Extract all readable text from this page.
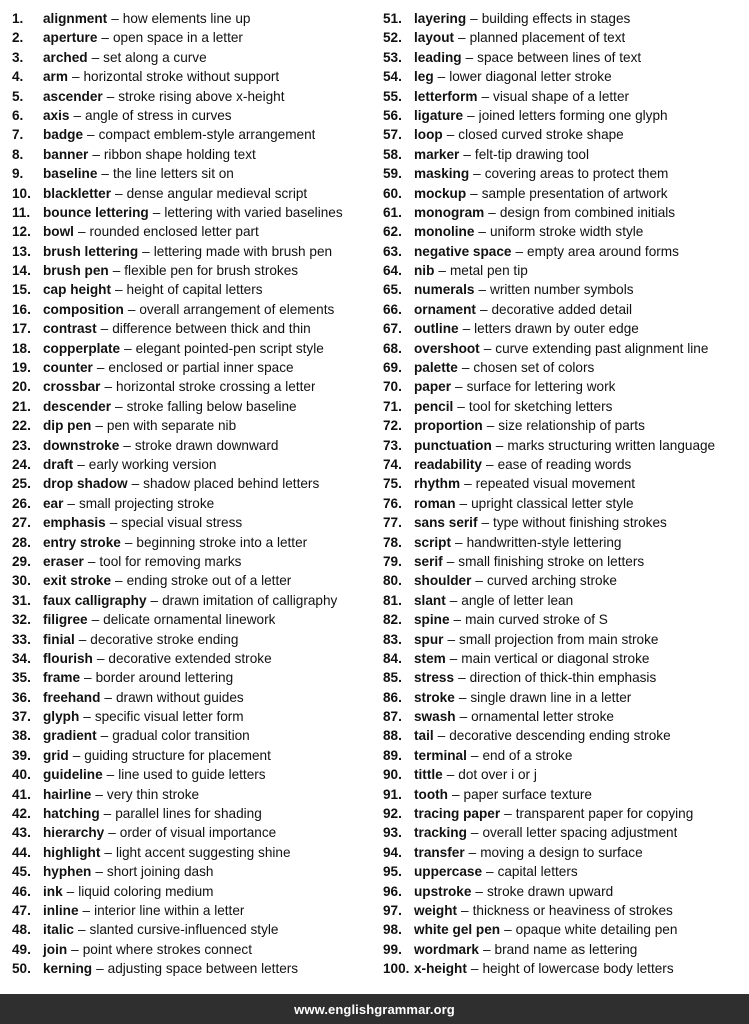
1.	alignment – how elements line up
2.	aperture – open space in a letter
3.	arched – set along a curve
4.	arm – horizontal stroke without support
5.	ascender – stroke rising above x-height
6.	axis – angle of stress in curves
7.	badge – compact emblem-style arrangement
8.	banner – ribbon shape holding text
9.	baseline – the line letters sit on
10. blackletter – dense angular medieval script
11. bounce lettering – lettering with varied baselines
12. bowl – rounded enclosed letter part
13. brush lettering – lettering made with brush pen
14. brush pen – flexible pen for brush strokes
15. cap height – height of capital letters
16. composition – overall arrangement of elements
17. contrast – difference between thick and thin
18. copperplate – elegant pointed-pen script style
19. counter – enclosed or partial inner space
20. crossbar – horizontal stroke crossing a letter
21. descender – stroke falling below baseline
22. dip pen – pen with separate nib
23. downstroke – stroke drawn downward
24. draft – early working version
25. drop shadow – shadow placed behind letters
26. ear – small projecting stroke
27. emphasis – special visual stress
28. entry stroke – beginning stroke into a letter
29. eraser – tool for removing marks
30. exit stroke – ending stroke out of a letter
31. faux calligraphy – drawn imitation of calligraphy
32. filigree – delicate ornamental linework
33. finial – decorative stroke ending
34. flourish – decorative extended stroke
35. frame – border around lettering
36. freehand – drawn without guides
37. glyph – specific visual letter form
38. gradient – gradual color transition
39. grid – guiding structure for placement
40. guideline – line used to guide letters
41. hairline – very thin stroke
42. hatching – parallel lines for shading
43. hierarchy – order of visual importance
44. highlight – light accent suggesting shine
45. hyphen – short joining dash
46. ink – liquid coloring medium
47. inline – interior line within a letter
48. italic – slanted cursive-influenced style
49. join – point where strokes connect
50. kerning – adjusting space between letters
51. layering – building effects in stages
52. layout – planned placement of text
53. leading – space between lines of text
54. leg – lower diagonal letter stroke
55. letterform – visual shape of a letter
56. ligature – joined letters forming one glyph
57. loop – closed curved stroke shape
58. marker – felt-tip drawing tool
59. masking – covering areas to protect them
60. mockup – sample presentation of artwork
61. monogram – design from combined initials
62. monoline – uniform stroke width style
63. negative space – empty area around forms
64. nib – metal pen tip
65. numerals – written number symbols
66. ornament – decorative added detail
67. outline – letters drawn by outer edge
68. overshoot – curve extending past alignment line
69. palette – chosen set of colors
70. paper – surface for lettering work
71. pencil – tool for sketching letters
72. proportion – size relationship of parts
73. punctuation – marks structuring written language
74. readability – ease of reading words
75. rhythm – repeated visual movement
76. roman – upright classical letter style
77. sans serif – type without finishing strokes
78. script – handwritten-style lettering
79. serif – small finishing stroke on letters
80. shoulder – curved arching stroke
81. slant – angle of letter lean
82. spine – main curved stroke of S
83. spur – small projection from main stroke
84. stem – main vertical or diagonal stroke
85. stress – direction of thick-thin emphasis
86. stroke – single drawn line in a letter
87. swash – ornamental letter stroke
88. tail – decorative descending ending stroke
89. terminal – end of a stroke
90. tittle – dot over i or j
91. tooth – paper surface texture
92. tracing paper – transparent paper for copying
93. tracking – overall letter spacing adjustment
94. transfer – moving a design to surface
95. uppercase – capital letters
96. upstroke – stroke drawn upward
97. weight – thickness or heaviness of strokes
98. white gel pen – opaque white detailing pen
99. wordmark – brand name as lettering
100. x-height – height of lowercase body letters
www.englishgrammar.org
